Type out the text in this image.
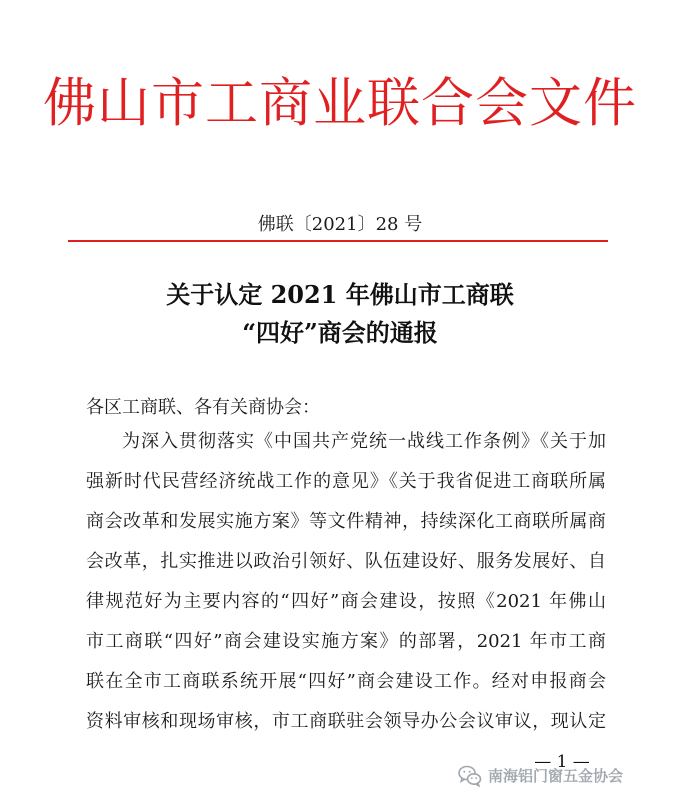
佛山市工商业联合会文件
佛联〔2021〕28 号
关于认定 2021 年佛山市工商联
“四好”商会的通报
各区工商联、各有关商协会：
为深入贯彻落实《中国共产党统一战线工作条例》《关于加
强新时代民营经济统战工作的意见》《关于我省促进工商联所属
商会改革和发展实施方案》等文件精神，持续深化工商联所属商
会改革，扎实推进以政治引领好、队伍建设好、服务发展好、自
律规范好为主要内容的“四好”商会建设，按照《2021 年佛山
市工商联“四好”商会建设实施方案》的部署，2021 年市工商
联在全市工商联系统开展“四好”商会建设工作。经对申报商会
资料审核和现场审核，市工商联驻会领导办公会议审议，现认定
— 1 —
南海铝门窗五金协会
